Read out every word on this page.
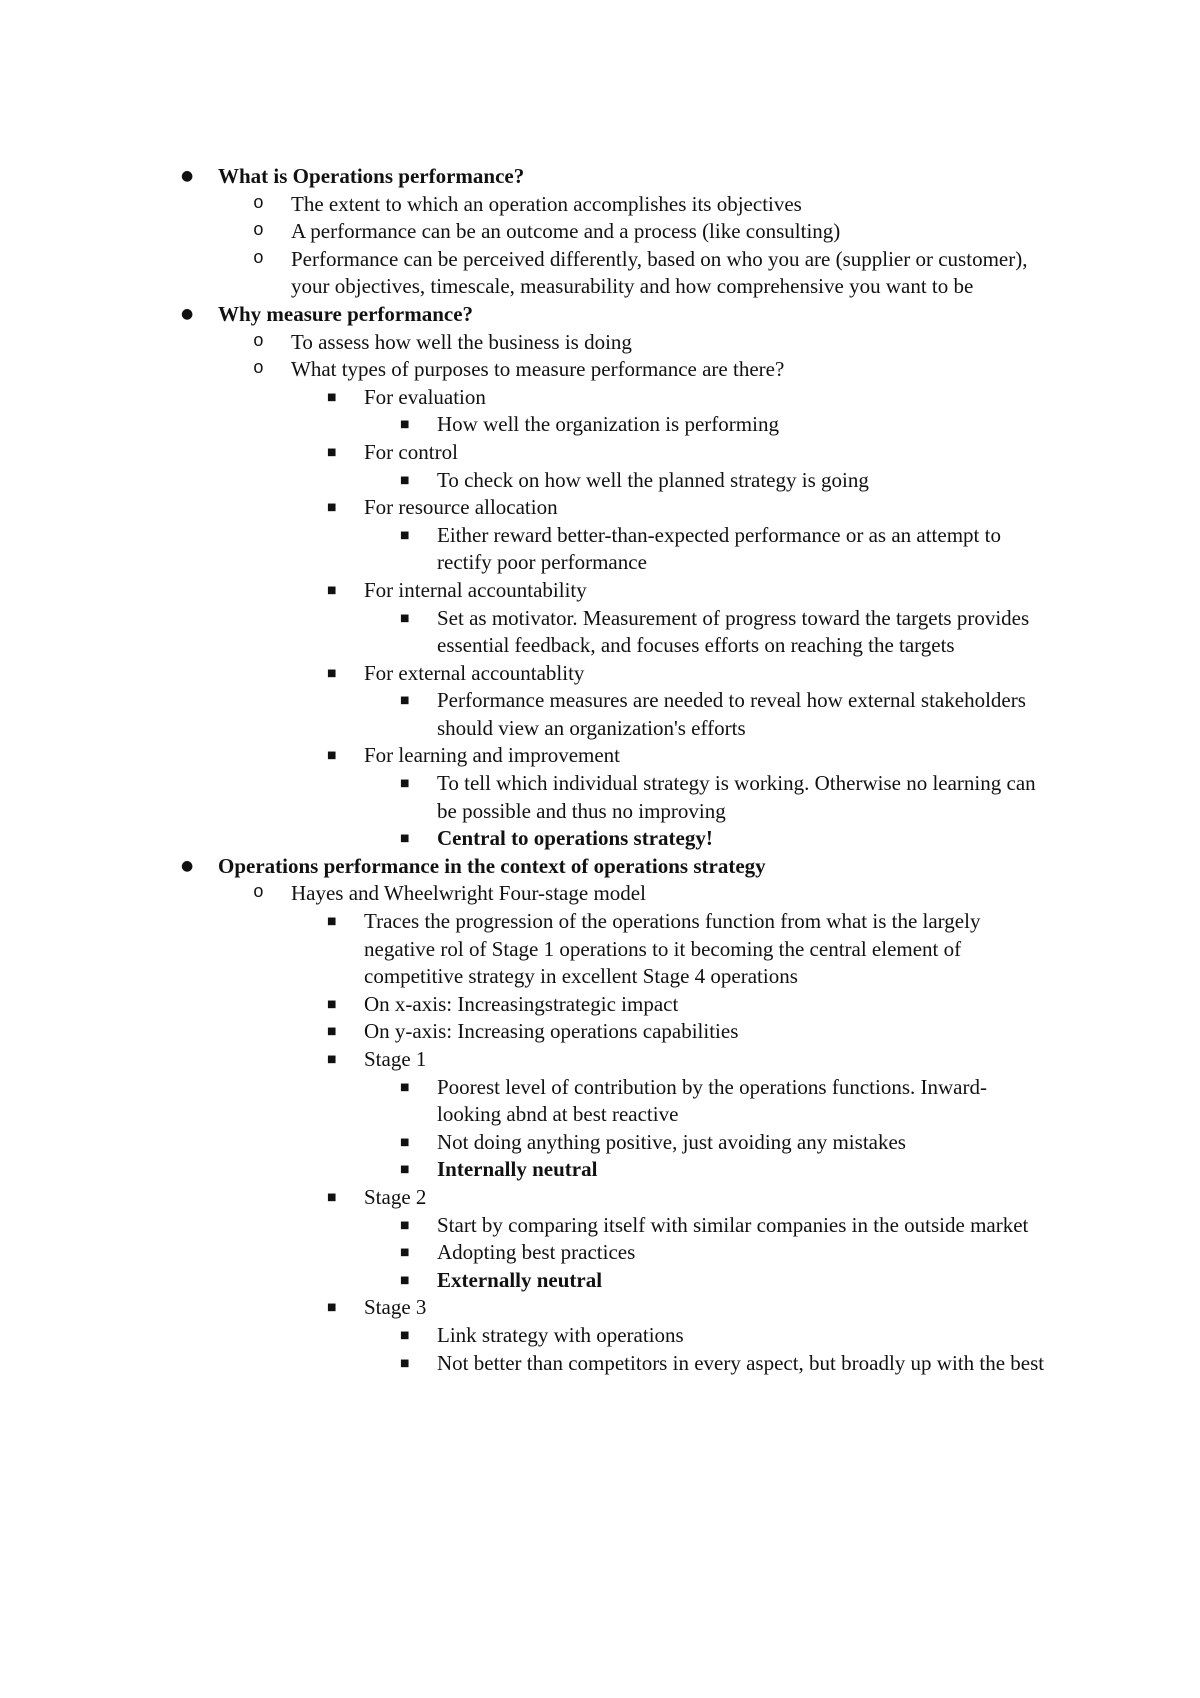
● What is Operations performance?
o The extent to which an operation accomplishes its objectives
o A performance can be an outcome and a process (like consulting)
o Performance can be perceived differently, based on who you are (supplier or customer), your objectives, timescale, measurability and how comprehensive you want to be
● Why measure performance?
o To assess how well the business is doing
o What types of purposes to measure performance are there?
■ For evaluation
■ How well the organization is performing
■ For control
■ To check on how well the planned strategy is going
■ For resource allocation
■ Either reward better-than-expected performance or as an attempt to rectify poor performance
■ For internal accountability
■ Set as motivator. Measurement of progress toward the targets provides essential feedback, and focuses efforts on reaching the targets
■ For external accountablity
■ Performance measures are needed to reveal how external stakeholders should view an organization's efforts
■ For learning and improvement
■ To tell which individual strategy is working. Otherwise no learning can be possible and thus no improving
■ Central to operations strategy!
● Operations performance in the context of operations strategy
o Hayes and Wheelwright Four-stage model
■ Traces the progression of the operations function from what is the largely negative rol of Stage 1 operations to it becoming the central element of competitive strategy in excellent Stage 4 operations
■ On x-axis: Increasingstrategic impact
■ On y-axis: Increasing operations capabilities
■ Stage 1
■ Poorest level of contribution by the operations functions. Inward-looking abnd at best reactive
■ Not doing anything positive, just avoiding any mistakes
■ Internally neutral
■ Stage 2
■ Start by comparing itself with similar companies in the outside market
■ Adopting best practices
■ Externally neutral
■ Stage 3
■ Link strategy with operations
■ Not better than competitors in every aspect, but broadly up with the best
